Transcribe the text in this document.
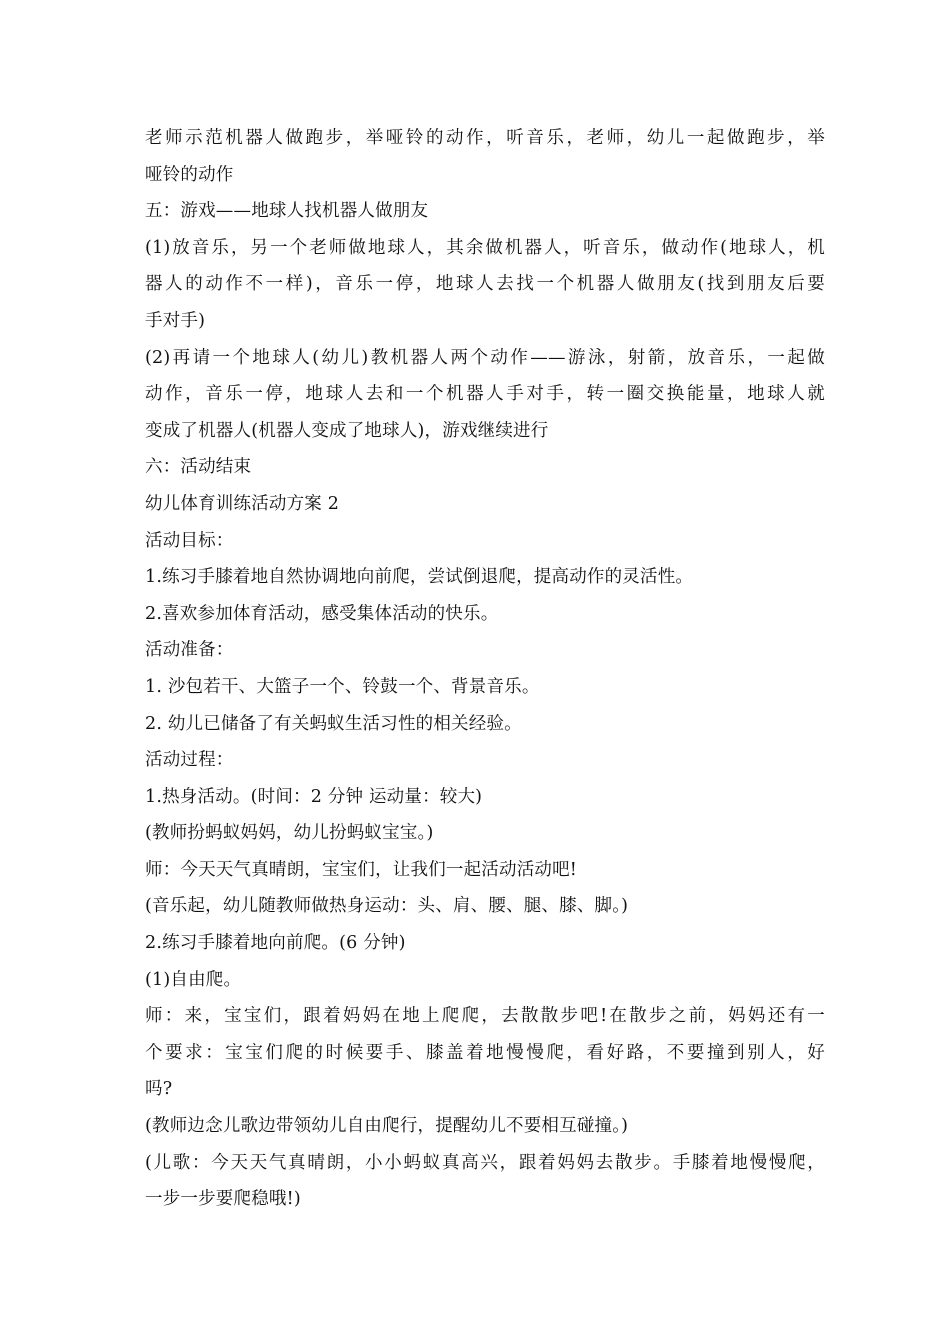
老师示范机器人做跑步，举哑铃的动作，听音乐，老师，幼儿一起做跑步，举
哑铃的动作
五：游戏——地球人找机器人做朋友
(1)放音乐，另一个老师做地球人，其余做机器人，听音乐，做动作(地球人，机
器人的动作不一样)，音乐一停，地球人去找一个机器人做朋友(找到朋友后要
手对手)
(2)再请一个地球人(幼儿)教机器人两个动作——游泳，射箭，放音乐，一起做
动作，音乐一停，地球人去和一个机器人手对手，转一圈交换能量，地球人就
变成了机器人(机器人变成了地球人)，游戏继续进行
六：活动结束
幼儿体育训练活动方案 2
活动目标：
1.练习手膝着地自然协调地向前爬，尝试倒退爬，提高动作的灵活性。
2.喜欢参加体育活动，感受集体活动的快乐。
活动准备：
1. 沙包若干、大篮子一个、铃鼓一个、背景音乐。
2. 幼儿已储备了有关蚂蚁生活习性的相关经验。
活动过程：
1.热身活动。(时间：2 分钟 运动量：较大)
(教师扮蚂蚁妈妈，幼儿扮蚂蚁宝宝。)
师：今天天气真晴朗，宝宝们，让我们一起活动活动吧!
(音乐起，幼儿随教师做热身运动：头、肩、腰、腿、膝、脚。)
2.练习手膝着地向前爬。(6 分钟)
(1)自由爬。
师：来，宝宝们，跟着妈妈在地上爬爬，去散散步吧!在散步之前，妈妈还有一
个要求：宝宝们爬的时候要手、膝盖着地慢慢爬，看好路，不要撞到别人，好
吗?
(教师边念儿歌边带领幼儿自由爬行，提醒幼儿不要相互碰撞。)
(儿歌：今天天气真晴朗，小小蚂蚁真高兴，跟着妈妈去散步。手膝着地慢慢爬，
一步一步要爬稳哦!)
